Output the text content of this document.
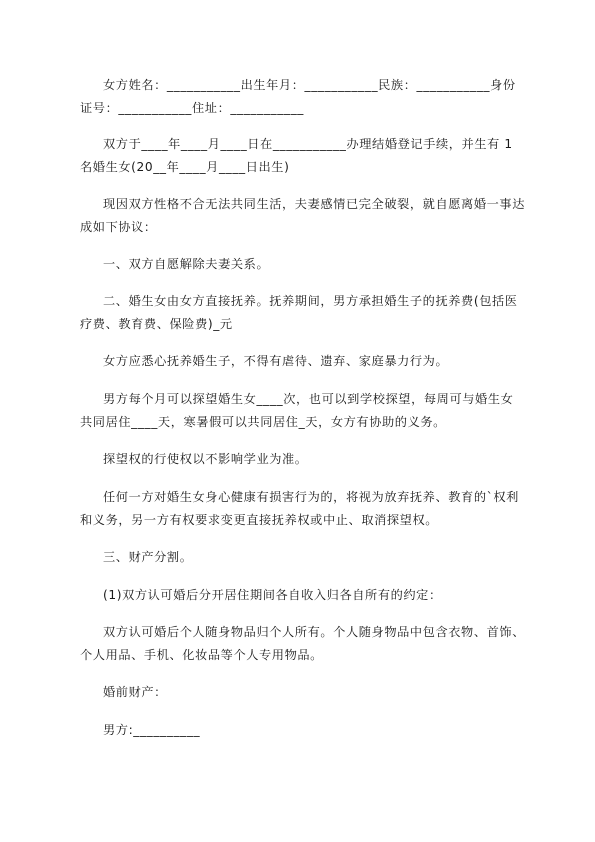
女方姓名：___________出生年月：___________民族：___________身份证号：___________住址：___________

双方于____年____月____日在___________办理结婚登记手续，并生有 1 名婚生女(20__年____月____日出生)

现因双方性格不合无法共同生活，夫妻感情已完全破裂，就自愿离婚一事达成如下协议：

一、双方自愿解除夫妻关系。

二、婚生女由女方直接抚养。抚养期间，男方承担婚生子的抚养费(包括医疗费、教育费、保险费)_元

女方应悉心抚养婚生子，不得有虐待、遗弃、家庭暴力行为。

男方每个月可以探望婚生女____次，也可以到学校探望，每周可与婚生女共同居住____天，寒暑假可以共同居住_天，女方有协助的义务。

探望权的行使权以不影响学业为准。

任何一方对婚生女身心健康有损害行为的，将视为放弃抚养、教育的`权利和义务，另一方有权要求变更直接抚养权或中止、取消探望权。

三、财产分割。

(1)双方认可婚后分开居住期间各自收入归各自所有的约定：

双方认可婚后个人随身物品归个人所有。个人随身物品中包含衣物、首饰、个人用品、手机、化妆品等个人专用物品。

婚前财产：

男方:__________
